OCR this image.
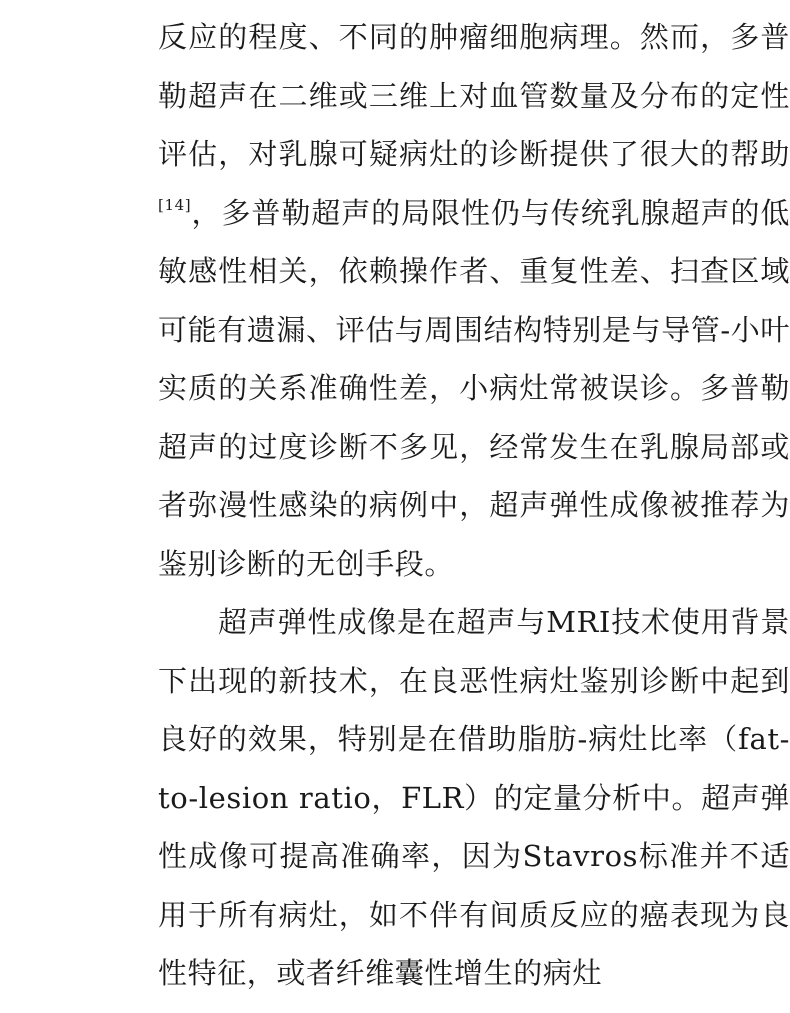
反应的程度、不同的肿瘤细胞病理。然而，多普勒超声在二维或三维上对血管数量及分布的定性评估，对乳腺可疑病灶的诊断提供了很大的帮助[14]，多普勒超声的局限性仍与传统乳腺超声的低敏感性相关，依赖操作者、重复性差、扫查区域可能有遗漏、评估与周围结构特别是与导管-小叶实质的关系准确性差，小病灶常被误诊。多普勒超声的过度诊断不多见，经常发生在乳腺局部或者弥漫性感染的病例中，超声弹性成像被推荐为鉴别诊断的无创手段。

超声弹性成像是在超声与MRI技术使用背景下出现的新技术，在良恶性病灶鉴别诊断中起到良好的效果，特别是在借助脂肪-病灶比率（fat-to-lesion ratio，FLR）的定量分析中。超声弹性成像可提高准确率，因为Stavros标准并不适用于所有病灶，如不伴有间质反应的癌表现为良性特征，或者纤维囊性增生的病灶
